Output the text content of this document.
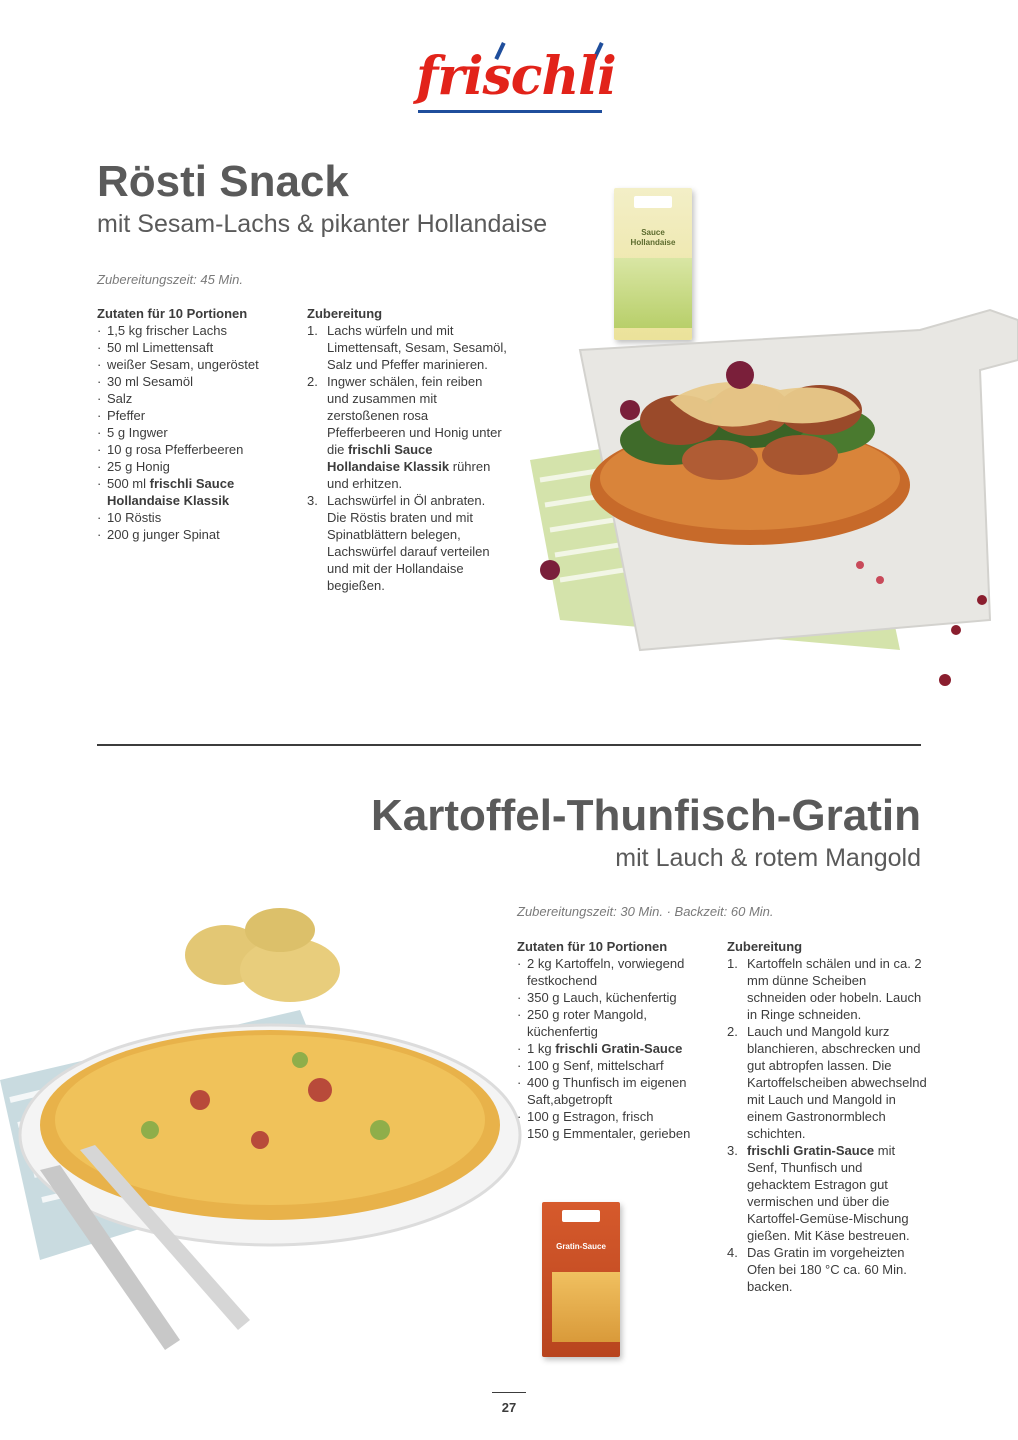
frischli
Rösti Snack
mit Sesam-Lachs & pikanter Hollandaise
Zubereitungszeit: 45 Min.
Zutaten für 10 Portionen
· 1,5 kg frischer Lachs
· 50 ml Limettensaft
· weißer Sesam, ungeröstet
· 30 ml Sesamöl
· Salz
· Pfeffer
· 5 g Ingwer
· 10 g rosa Pfefferbeeren
· 25 g Honig
· 500 ml frischli Sauce Hollandaise Klassik
· 10 Röstis
· 200 g junger Spinat
Zubereitung
1. Lachs würfeln und mit Limettensaft, Sesam, Sesamöl, Salz und Pfeffer marinieren.
2. Ingwer schälen, fein reiben und zusammen mit zerstoßenen rosa Pfefferbeeren und Honig unter die frischli Sauce Hollandaise Klassik rühren und erhitzen.
3. Lachswürfel in Öl anbraten. Die Röstis braten und mit Spinatblättern belegen, Lachswürfel darauf verteilen und mit der Hollandaise begießen.
Sauce Hollandaise
Kartoffel-Thunfisch-Gratin
mit Lauch & rotem Mangold
Zubereitungszeit: 30 Min. · Backzeit: 60 Min.
Zutaten für 10 Portionen
· 2 kg Kartoffeln, vorwiegend festkochend
· 350 g Lauch, küchenfertig
· 250 g roter Mangold, küchenfertig
· 1 kg frischli Gratin-Sauce
· 100 g Senf, mittelscharf
· 400 g Thunfisch im eigenen Saft,abgetropft
· 100 g Estragon, frisch
· 150 g Emmentaler, gerieben
Zubereitung
1. Kartoffeln schälen und in ca. 2 mm dünne Scheiben schneiden oder hobeln. Lauch in Ringe schneiden.
2. Lauch und Mangold kurz blanchieren, abschrecken und gut abtropfen lassen. Die Kartoffelscheiben abwechselnd mit Lauch und Mangold in einem Gastronormblech schichten.
3. frischli Gratin-Sauce mit Senf, Thunfisch und gehacktem Estragon gut vermischen und über die Kartoffel-Gemüse-Mischung gießen. Mit Käse bestreuen.
4. Das Gratin im vorgeheizten Ofen bei 180 °C ca. 60 Min. backen.
Gratin-Sauce
27
